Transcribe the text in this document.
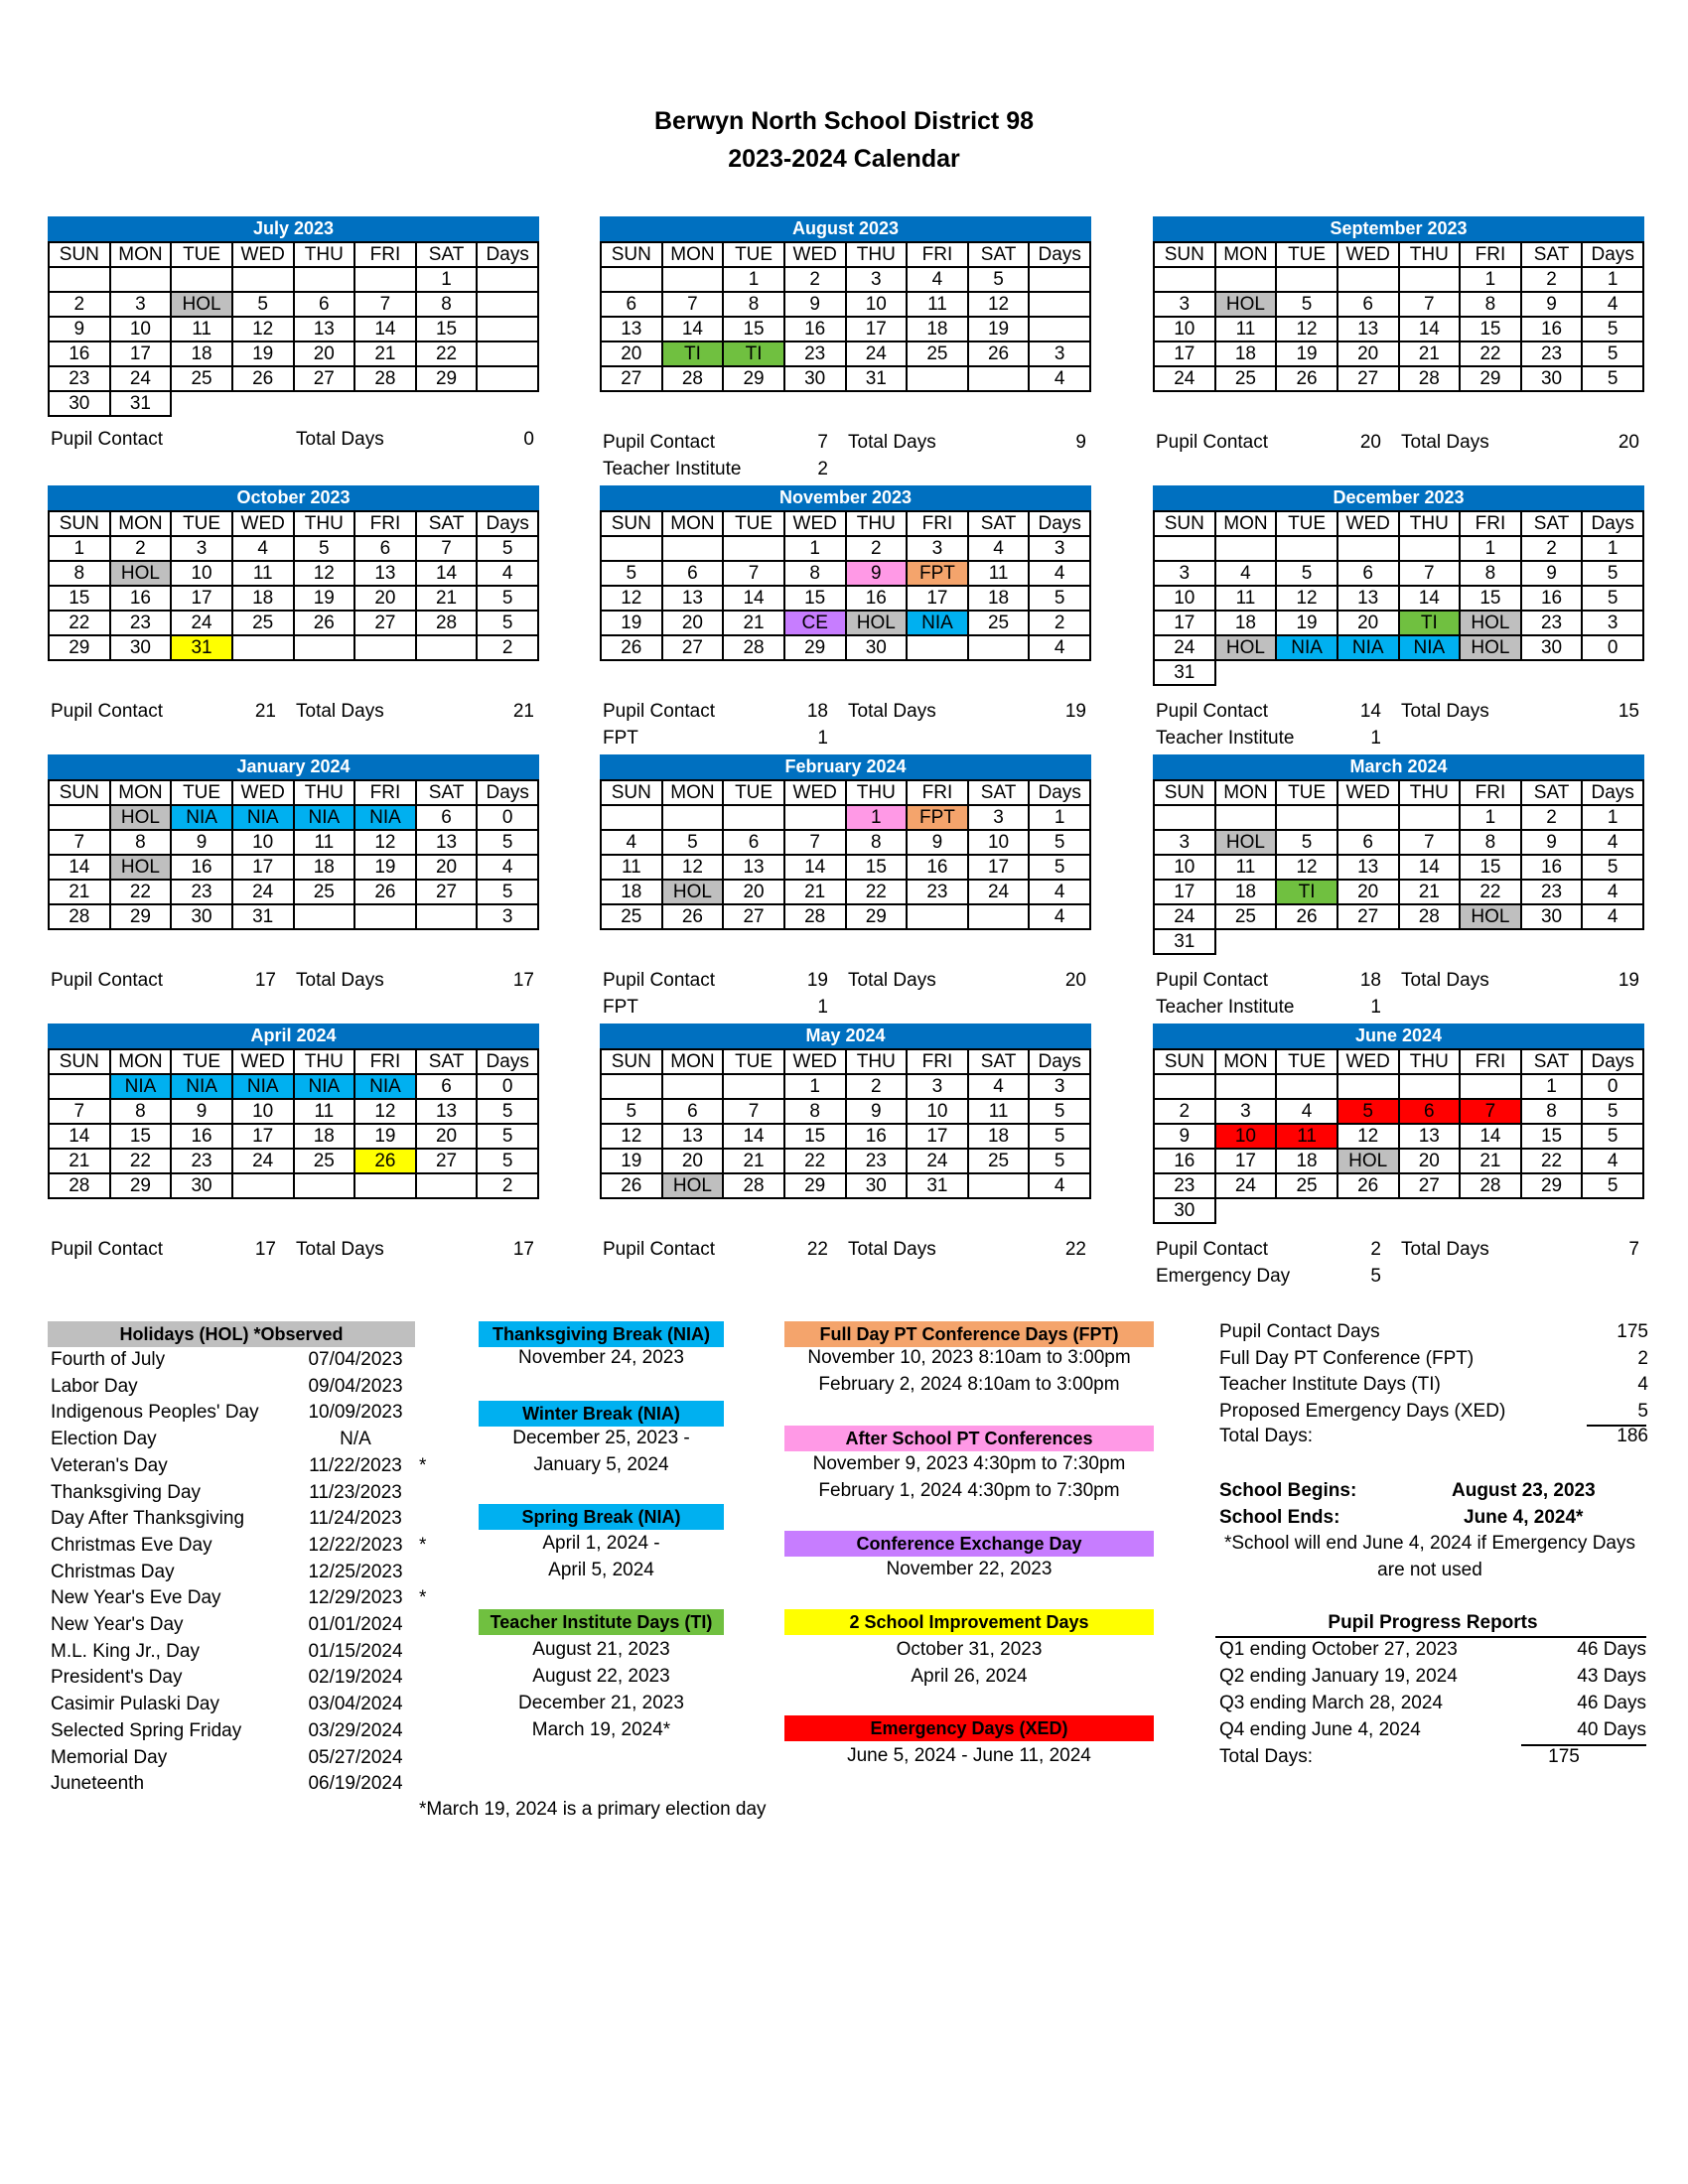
Berwyn North School District 98
2023-2024 Calendar
July 2023
SUN	MON	TUE	WED	THU	FRI	SAT	Days
						1	
2	3	HOL	5	6	7	8	
9	10	11	12	13	14	15	
16	17	18	19	20	21	22	
23	24	25	26	27	28	29	
30	31						
Pupil Contact	Total Days	0
August 2023
SUN	MON	TUE	WED	THU	FRI	SAT	Days
		1	2	3	4	5	
6	7	8	9	10	11	12	
13	14	15	16	17	18	19	
20	TI	TI	23	24	25	26	3
27	28	29	30	31			4
Pupil Contact	7 Total Days	9
Teacher Institute	2
September 2023
SUN	MON	TUE	WED	THU	FRI	SAT	Days
					1	2	1
3	HOL	5	6	7	8	9	4
10	11	12	13	14	15	16	5
17	18	19	20	21	22	23	5
24	25	26	27	28	29	30	5
Pupil Contact	20 Total Days	20
October 2023
SUN	MON	TUE	WED	THU	FRI	SAT	Days
1	2	3	4	5	6	7	5
8	HOL	10	11	12	13	14	4
15	16	17	18	19	20	21	5
22	23	24	25	26	27	28	5
29	30	31					2
Pupil Contact	21 Total Days	21
November 2023
SUN	MON	TUE	WED	THU	FRI	SAT	Days
			1	2	3	4	3
5	6	7	8	9	FPT	11	4
12	13	14	15	16	17	18	5
19	20	21	CE	HOL	NIA	25	2
26	27	28	29	30			4
Pupil Contact	18 Total Days	19
FPT	1
December 2023
SUN	MON	TUE	WED	THU	FRI	SAT	Days
					1	2	1
3	4	5	6	7	8	9	5
10	11	12	13	14	15	16	5
17	18	19	20	TI	HOL	23	3
24	HOL	NIA	NIA	NIA	HOL	30	0
31							
Pupil Contact	14 Total Days	15
Teacher Institute	1
January 2024
SUN	MON	TUE	WED	THU	FRI	SAT	Days
	HOL	NIA	NIA	NIA	NIA	6	0
7	8	9	10	11	12	13	5
14	HOL	16	17	18	19	20	4
21	22	23	24	25	26	27	5
28	29	30	31				3
Pupil Contact	17 Total Days	17
February 2024
SUN	MON	TUE	WED	THU	FRI	SAT	Days
				1	FPT	3	1
4	5	6	7	8	9	10	5
11	12	13	14	15	16	17	5
18	HOL	20	21	22	23	24	4
25	26	27	28	29			4
Pupil Contact	19 Total Days	20
FPT	1
March 2024
SUN	MON	TUE	WED	THU	FRI	SAT	Days
					1	2	1
3	HOL	5	6	7	8	9	4
10	11	12	13	14	15	16	5
17	18	TI	20	21	22	23	4
24	25	26	27	28	HOL	30	4
31							
Pupil Contact	18 Total Days	19
Teacher Institute	1
April 2024
SUN	MON	TUE	WED	THU	FRI	SAT	Days
	NIA	NIA	NIA	NIA	NIA	6	0
7	8	9	10	11	12	13	5
14	15	16	17	18	19	20	5
21	22	23	24	25	26	27	5
28	29	30					2
Pupil Contact	17 Total Days	17
May 2024
SUN	MON	TUE	WED	THU	FRI	SAT	Days
			1	2	3	4	3
5	6	7	8	9	10	11	5
12	13	14	15	16	17	18	5
19	20	21	22	23	24	25	5
26	HOL	28	29	30	31		4
Pupil Contact	22 Total Days	22
June 2024
SUN	MON	TUE	WED	THU	FRI	SAT	Days
						1	0
2	3	4	5	6	7	8	5
9	10	11	12	13	14	15	5
16	17	18	HOL	20	21	22	4
23	24	25	26	27	28	29	5
30							
Pupil Contact	2 Total Days	7
Emergency Day	5
Holidays (HOL) *Observed
Fourth of July	07/04/2023
Labor Day	09/04/2023
Indigenous Peoples' Day	10/09/2023
Election Day	N/A
Veteran's Day	11/22/2023 *
Thanksgiving Day	11/23/2023
Day After Thanksgiving	11/24/2023
Christmas Eve Day	12/22/2023 *
Christmas Day	12/25/2023
New Year's Eve Day	12/29/2023 *
New Year's Day	01/01/2024
M.L. King Jr., Day	01/15/2024
President's Day	02/19/2024
Casimir Pulaski Day	03/04/2024
Selected Spring Friday	03/29/2024
Memorial Day	05/27/2024
Juneteenth	06/19/2024
Thanksgiving Break (NIA)
November 24, 2023
Winter Break (NIA)
December 25, 2023 -
January 5, 2024
Spring Break (NIA)
April 1, 2024 -
April 5, 2024
Teacher Institute Days (TI)
August 21, 2023
August 22, 2023
December 21, 2023
March 19, 2024*
*March 19, 2024 is a primary election day
Full Day PT Conference Days (FPT)
November 10, 2023 8:10am to 3:00pm
February 2, 2024 8:10am to 3:00pm
After School PT Conferences
November 9, 2023 4:30pm to 7:30pm
February 1, 2024 4:30pm to 7:30pm
Conference Exchange Day
November 22, 2023
2 School Improvement Days
October 31, 2023
April 26, 2024
Emergency Days (XED)
June 5, 2024 - June 11, 2024
Pupil Contact Days	175
Full Day PT Conference (FPT)	2
Teacher Institute Days (TI)	4
Proposed Emergency Days (XED)	5
Total Days:	186
School Begins:	August 23, 2023
School Ends:	June 4, 2024*
*School will end June 4, 2024 if Emergency Days
are not used
Pupil Progress Reports
Q1 ending October 27, 2023	46 Days
Q2 ending January 19, 2024	43 Days
Q3 ending March 28, 2024	46 Days
Q4 ending June 4, 2024	40 Days
Total Days:	175
